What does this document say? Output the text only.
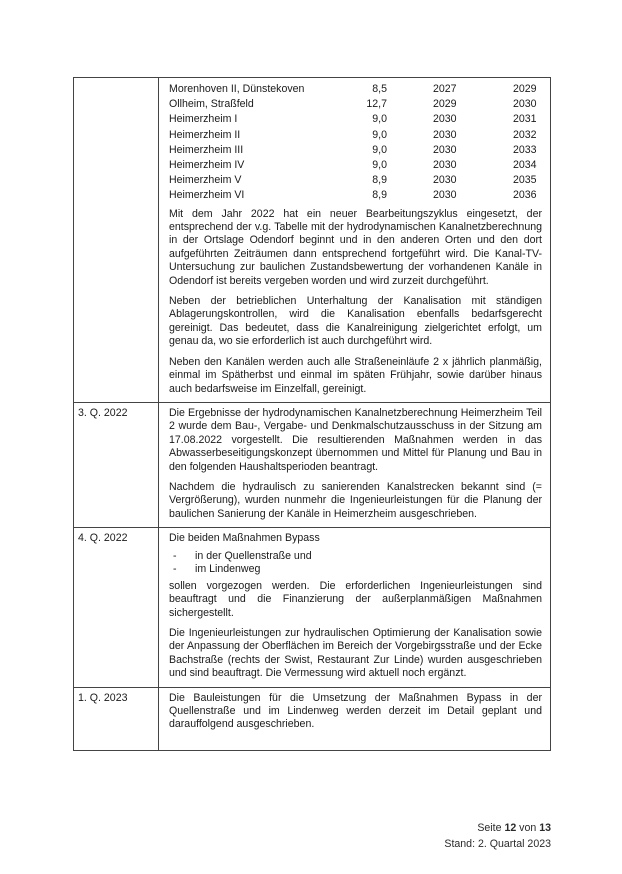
Morenhoven II, Dünstekoven	8,5	2027	2029
Ollheim, Straßfeld	12,7	2029	2030
Heimerzheim I	9,0	2030	2031
Heimerzheim II	9,0	2030	2032
Heimerzheim III	9,0	2030	2033
Heimerzheim IV	9,0	2030	2034
Heimerzheim V	8,9	2030	2035
Heimerzheim VI	8,9	2030	2036

Mit dem Jahr 2022 hat ein neuer Bearbeitungszyklus eingesetzt, der entsprechend der v.g. Tabelle mit der hydrodynamischen Kanalnetzberechnung in der Ortslage Odendorf beginnt und in den anderen Orten und den dort aufgeführten Zeiträumen dann entsprechend fortgeführt wird. Die Kanal-TV-Untersuchung zur baulichen Zustandsbewertung der vorhandenen Kanäle in Odendorf ist bereits vergeben worden und wird zurzeit durchgeführt.

Neben der betrieblichen Unterhaltung der Kanalisation mit ständigen Ablagerungskontrollen, wird die Kanalisation ebenfalls bedarfsgerecht gereinigt. Das bedeutet, dass die Kanalreinigung zielgerichtet erfolgt, um genau da, wo sie erforderlich ist auch durchgeführt wird.

Neben den Kanälen werden auch alle Straßeneinläufe 2 x jährlich planmäßig, einmal im Spätherbst und einmal im späten Frühjahr, sowie darüber hinaus auch bedarfsweise im Einzelfall, gereinigt.

3. Q. 2022	Die Ergebnisse der hydrodynamischen Kanalnetzberechnung Heimerzheim Teil 2 wurde dem Bau-, Vergabe- und Denkmalschutzausschuss in der Sitzung am 17.08.2022 vorgestellt. Die resultierenden Maßnahmen werden in das Abwasserbeseitigungskonzept übernommen und Mittel für Planung und Bau in den folgenden Haushaltsperioden beantragt.

Nachdem die hydraulisch zu sanierenden Kanalstrecken bekannt sind (= Vergrößerung), wurden nunmehr die Ingenieurleistungen für die Planung der baulichen Sanierung der Kanäle in Heimerzheim ausgeschrieben.

4. Q. 2022	Die beiden Maßnahmen Bypass

- in der Quellenstraße und
- im Lindenweg

sollen vorgezogen werden. Die erforderlichen Ingenieurleistungen sind beauftragt und die Finanzierung der außerplanmäßigen Maßnahmen sichergestellt.

Die Ingenieurleistungen zur hydraulischen Optimierung der Kanalisation sowie der Anpassung der Oberflächen im Bereich der Vorgebirgsstraße und der Ecke Bachstraße (rechts der Swist, Restaurant Zur Linde) wurden ausgeschrieben und sind beauftragt. Die Vermessung wird aktuell noch ergänzt.

1. Q. 2023	Die Bauleistungen für die Umsetzung der Maßnahmen Bypass in der Quellenstraße und im Lindenweg werden derzeit im Detail geplant und darauffolgend ausgeschrieben.

Seite 12 von 13
Stand: 2. Quartal 2023
